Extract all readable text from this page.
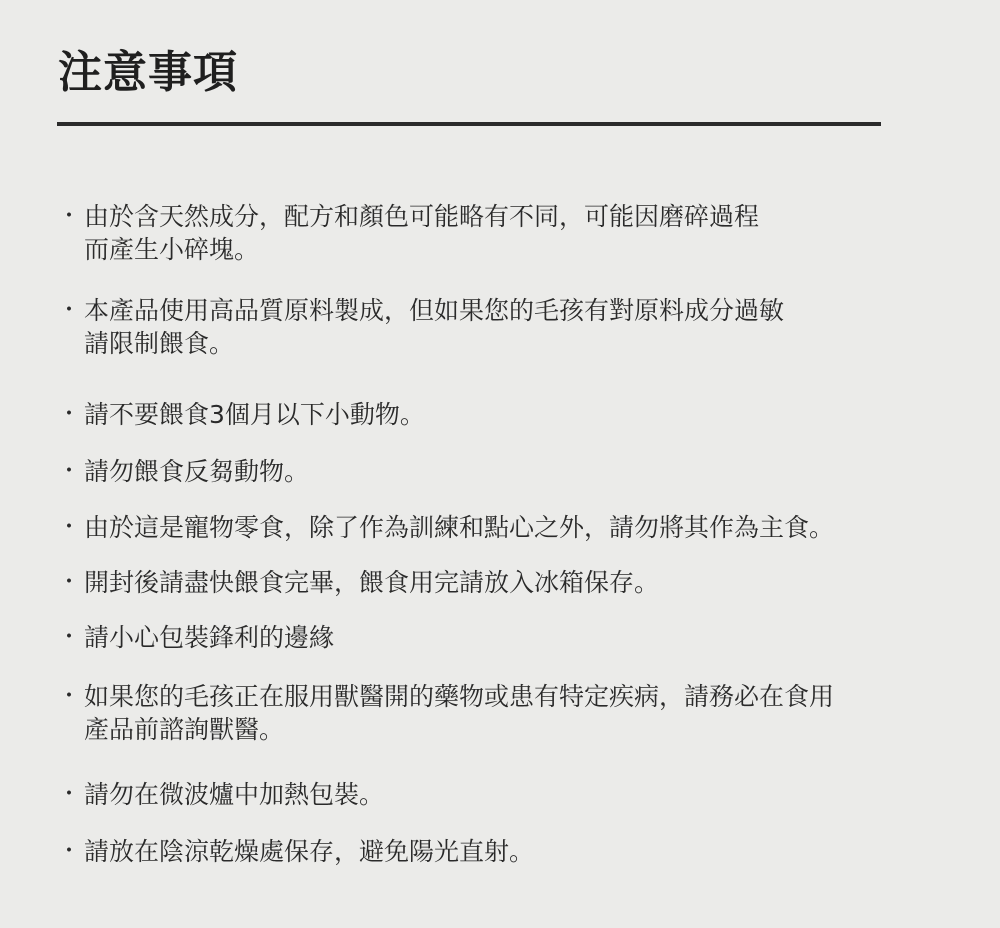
注意事項
・ 由於含天然成分，配方和顏色可能略有不同，可能因磨碎過程
而產生小碎塊。
・ 本產品使用高品質原料製成，但如果您的毛孩有對原料成分過敏
請限制餵食。
・ 請不要餵食3個月以下小動物。
・ 請勿餵食反芻動物。
・ 由於這是寵物零食，除了作為訓練和點心之外，請勿將其作為主食。
・ 開封後請盡快餵食完畢，餵食用完請放入冰箱保存。
・ 請小心包裝鋒利的邊緣
・ 如果您的毛孩正在服用獸醫開的藥物或患有特定疾病，請務必在食用
產品前諮詢獸醫。
・ 請勿在微波爐中加熱包裝。
・ 請放在陰涼乾燥處保存，避免陽光直射。
